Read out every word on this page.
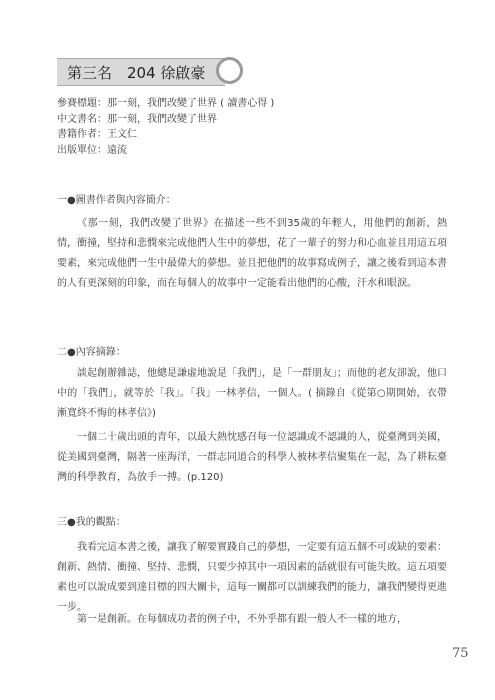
第三名　204 徐啟豪
參賽標題：那一刻，我們改變了世界 ( 讀書心得 )
中文書名：那一刻，我們改變了世界
書籍作者：王文仁
出版單位：遠流
一●圖書作者與內容簡介：
《那一刻，我們改變了世界》在描述一些不到35歲的年輕人，用他們的創新，熱情，衝撞，堅持和悲憫來完成他們人生中的夢想，花了一輩子的努力和心血並且用這五項要素，來完成他們一生中最偉大的夢想。並且把他們的故事寫成例子，讓之後看到這本書的人有更深刻的印象，而在每個人的故事中一定能看出他們的心酸，汗水和眼淚。
二●內容摘錄：
談起創辦雜誌，他總是謙虛地說是「我們」，是「一群朋友」；而他的老友卻說，他口中的「我們」，就等於「我」。「我」一林孝信，一個人。( 摘錄自《從第○期開始，衣帶漸寬終不悔的林孝信》)
一個二十歲出頭的青年，以最大熱忱感召每一位認識或不認識的人，從臺灣到美國，從美國到臺灣，隔著一座海洋，一群志同道合的科學人被林孝信聚集在一起，為了耕耘臺灣的科學教育，為放手一搏。(p.120)
三●我的觀點：
我看完這本書之後，讓我了解要實踐自己的夢想，一定要有這五個不可或缺的要素：創新、熱情、衝撞、堅持、悲憫，只要少掉其中一項因素的話就很有可能失敗。這五項要素也可以說成要到達目標的四大關卡，這每一關都可以訓練我們的能力，讓我們變得更進一步。
第一是創新。在每個成功者的例子中，不外乎都有跟一般人不一樣的地方，
75
